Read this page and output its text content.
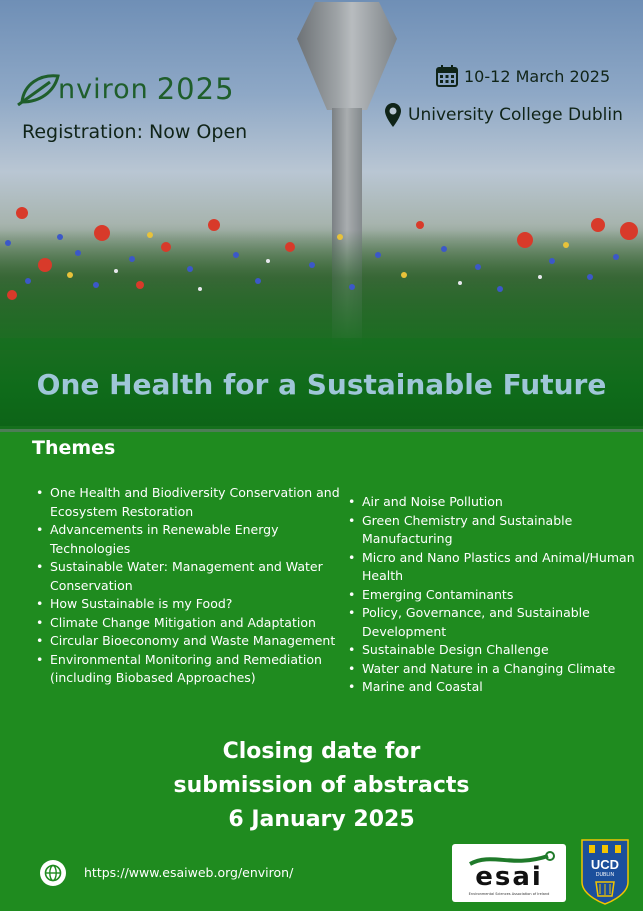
nviron 2025
Registration: Now Open
10-12 March 2025
University College Dublin
One Health for a Sustainable Future
Themes
• One Health and Biodiversity Conservation and Ecosystem Restoration
• Advancements in Renewable Energy Technologies
• Sustainable Water: Management and Water Conservation
• How Sustainable is my Food?
• Climate Change Mitigation and Adaptation
• Circular Bioeconomy and Waste Management
• Environmental Monitoring and Remediation (including Biobased Approaches)
• Air and Noise Pollution
• Green Chemistry and Sustainable Manufacturing
• Micro and Nano Plastics and Animal/Human Health
• Emerging Contaminants
• Policy, Governance, and Sustainable Development
• Sustainable Design Challenge
• Water and Nature in a Changing Climate
• Marine and Coastal
Closing date for
submission of abstracts
6 January 2025
https://www.esaiweb.org/environ/	esai
Environmental Sciences Association of Ireland
UCD
DUBLIN
